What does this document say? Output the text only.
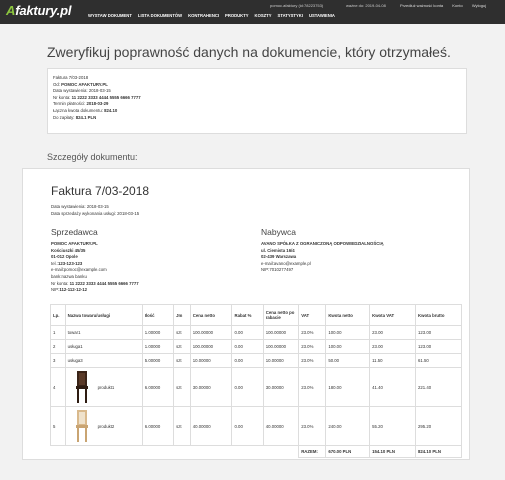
Afaktury.pl	WYSTAW DOKUMENT LISTA DOKUMENTÓW KONTRAHENCI PRODUKTY KOSZTY STATYSTYKI USTAWIENIA
pomoc.afaktury (id:78223753)	ważne do: 2019-04-08	Przedłuż ważność konta Konto Wyloguj
Zweryfikuj poprawność danych na dokumencie, który otrzymałeś.
Faktura 7/03-2018
Od: POMOC AFAKTURY.PL
Data wystawienia: 2018-03-15
Nr konta: 11 2222 3333 4444 5555 6666 7777
Termin płatności: 2018-03-29
Łączna kwota dokumentu: 824.10
Do zapłaty: 824.1 PLN
Szczegóły dokumentu:
Faktura 7/03-2018
Data wystawienia: 2018-03-15
Data sprzedaży wykonania usługi: 2018-03-15
Sprzedawca
POMOC AFAKTURY.PL
Kościuszki 45/35
01-012 Opole
tel.:123-123-123
e-mail:pomoc@example.com
bank:nazwa banku
Nr konta: 11 2222 3333 4444 5555 6666 7777
NIP:112-112-12-12
Nabywca
AVANO SPÓŁKA Z OGRANICZONĄ ODPOWIEDZIALNOŚCIĄ
ul. Ciemista 16/4
02-439 Warszawa
e-mail:avano@example.pl
NIP:7010277497
Lp.	Nazwa towaru/usługi	Ilość	Jm	Cena netto	Rabat %	Cena netto po rabacie	VAT	Kwota netto	Kwota VAT	Kwota brutto
1	towar1	1.00000	szt	100.00000	0.00	100.00000	23.0%	100.00	23.00	123.00
2	usługa1	1.00000	szt	100.00000	0.00	100.00000	23.0%	100.00	23.00	123.00
3	usługa3	5.00000	szt	10.00000	0.00	10.00000	23.0%	50.00	11.50	61.50
4	produkt1	6.00000	szt	30.00000	0.00	30.00000	23.0%	180.00	41.40	221.40
5	produkt2	6.00000	szt	40.00000	0.00	40.00000	23.0%	240.00	55.20	295.20
							RAZEM:	670.00 PLN	154.10 PLN	824.10 PLN
